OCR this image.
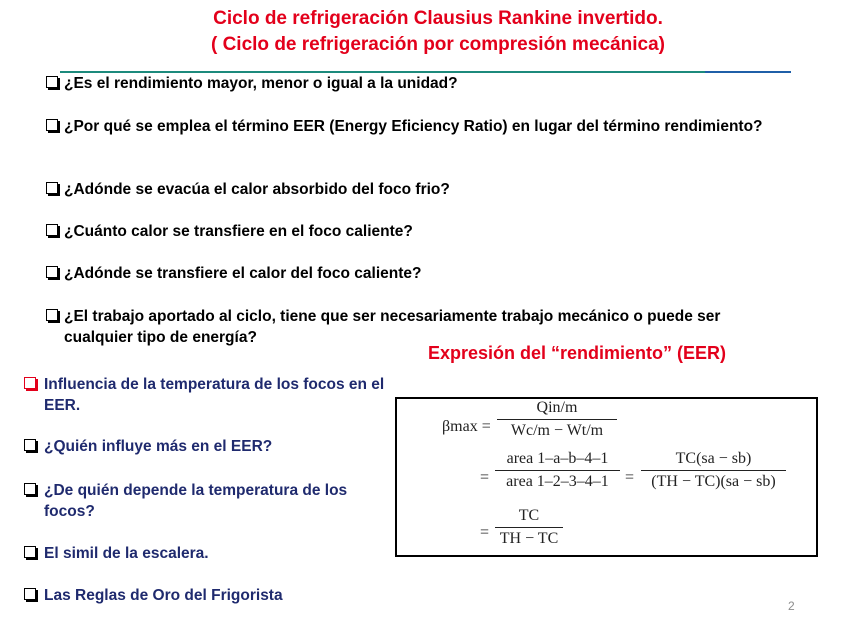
Ciclo de refrigeración Clausius Rankine invertido.
( Ciclo de refrigeración por compresión mecánica)
¿Es el rendimiento mayor, menor o igual a la unidad?
¿Por qué se emplea el término EER (Energy Eficiency Ratio) en lugar del término rendimiento?
¿Adónde se evacúa el calor absorbido del foco frio?
¿Cuánto calor se transfiere en el foco caliente?
¿Adónde se transfiere el calor del foco caliente?
¿El trabajo aportado al ciclo, tiene que ser necesariamente trabajo mecánico o puede ser cualquier tipo de energía?
Expresión del “rendimiento” (EER)
Influencia de la temperatura de los focos en el EER.
¿Quién influye más en el EER?
¿De quién depende la temperatura de los focos?
El simil de la escalera.
Las Reglas de Oro del Frigorista
βmax =
Qin/m
Wc/m − Wt/m
=
area 1–a–b–4–1
area 1–2–3–4–1	= $\frac{TC(sa - sb)}{(TH - TC)(sa - sb)}$
= $\frac{TC}{TH - TC}$
2
